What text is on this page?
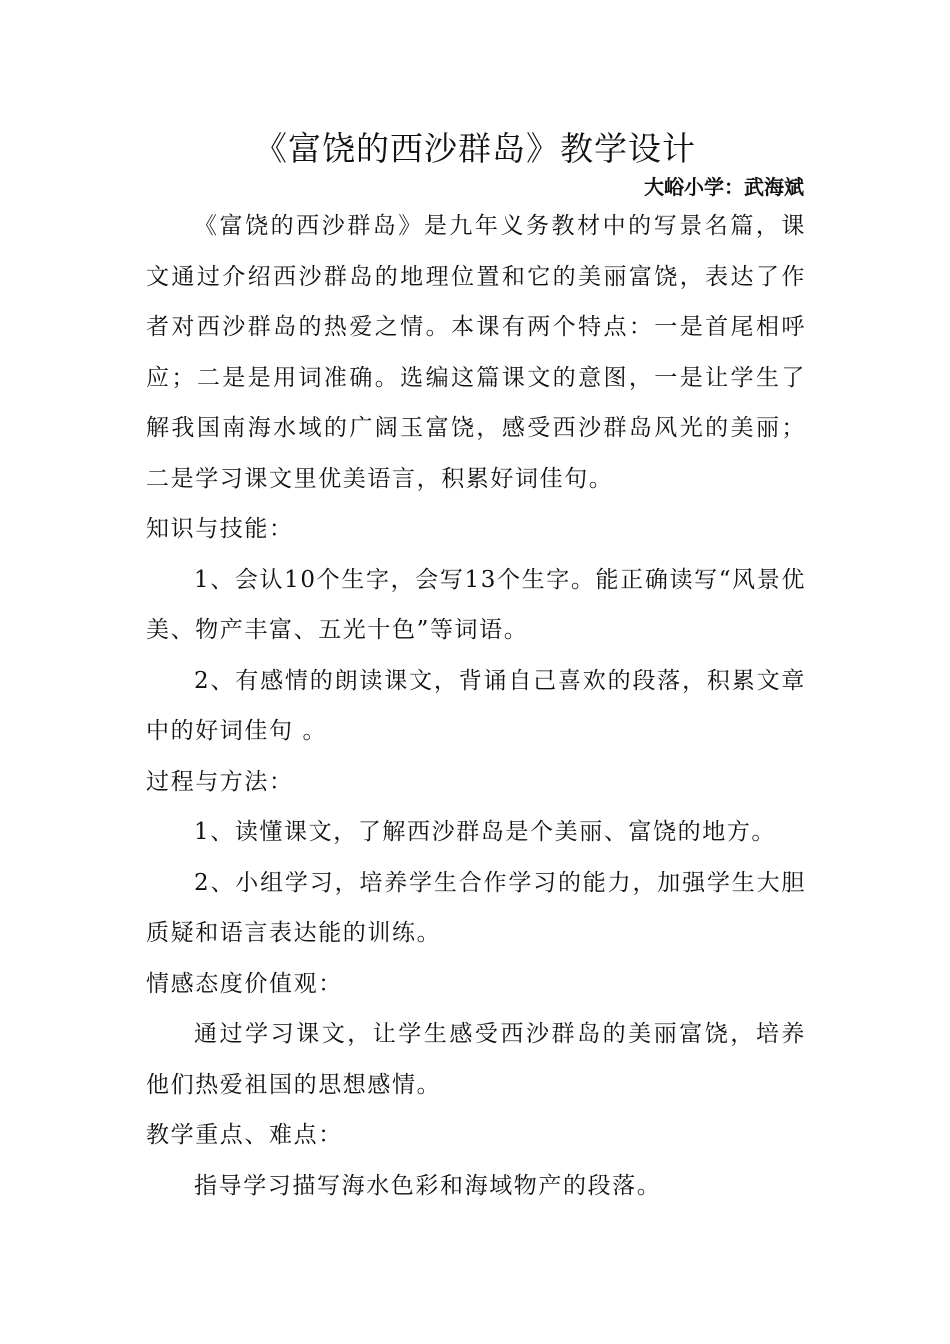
《富饶的西沙群岛》教学设计
大峪小学：武海斌

《富饶的西沙群岛》是九年义务教材中的写景名篇，课文通过介绍西沙群岛的地理位置和它的美丽富饶，表达了作者对西沙群岛的热爱之情。本课有两个特点：一是首尾相呼应；二是是用词准确。选编这篇课文的意图，一是让学生了解我国南海水域的广阔玉富饶，感受西沙群岛风光的美丽；二是学习课文里优美语言，积累好词佳句。

知识与技能：

1、会认10个生字，会写13个生字。能正确读写“风景优美、物产丰富、五光十色”等词语。

2、有感情的朗读课文，背诵自己喜欢的段落，积累文章中的好词佳句 。

过程与方法：

1、读懂课文，了解西沙群岛是个美丽、富饶的地方。

2、小组学习，培养学生合作学习的能力，加强学生大胆质疑和语言表达能的训练。

情感态度价值观：

通过学习课文，让学生感受西沙群岛的美丽富饶，培养他们热爱祖国的思想感情。

教学重点、难点：

指导学习描写海水色彩和海域物产的段落。
